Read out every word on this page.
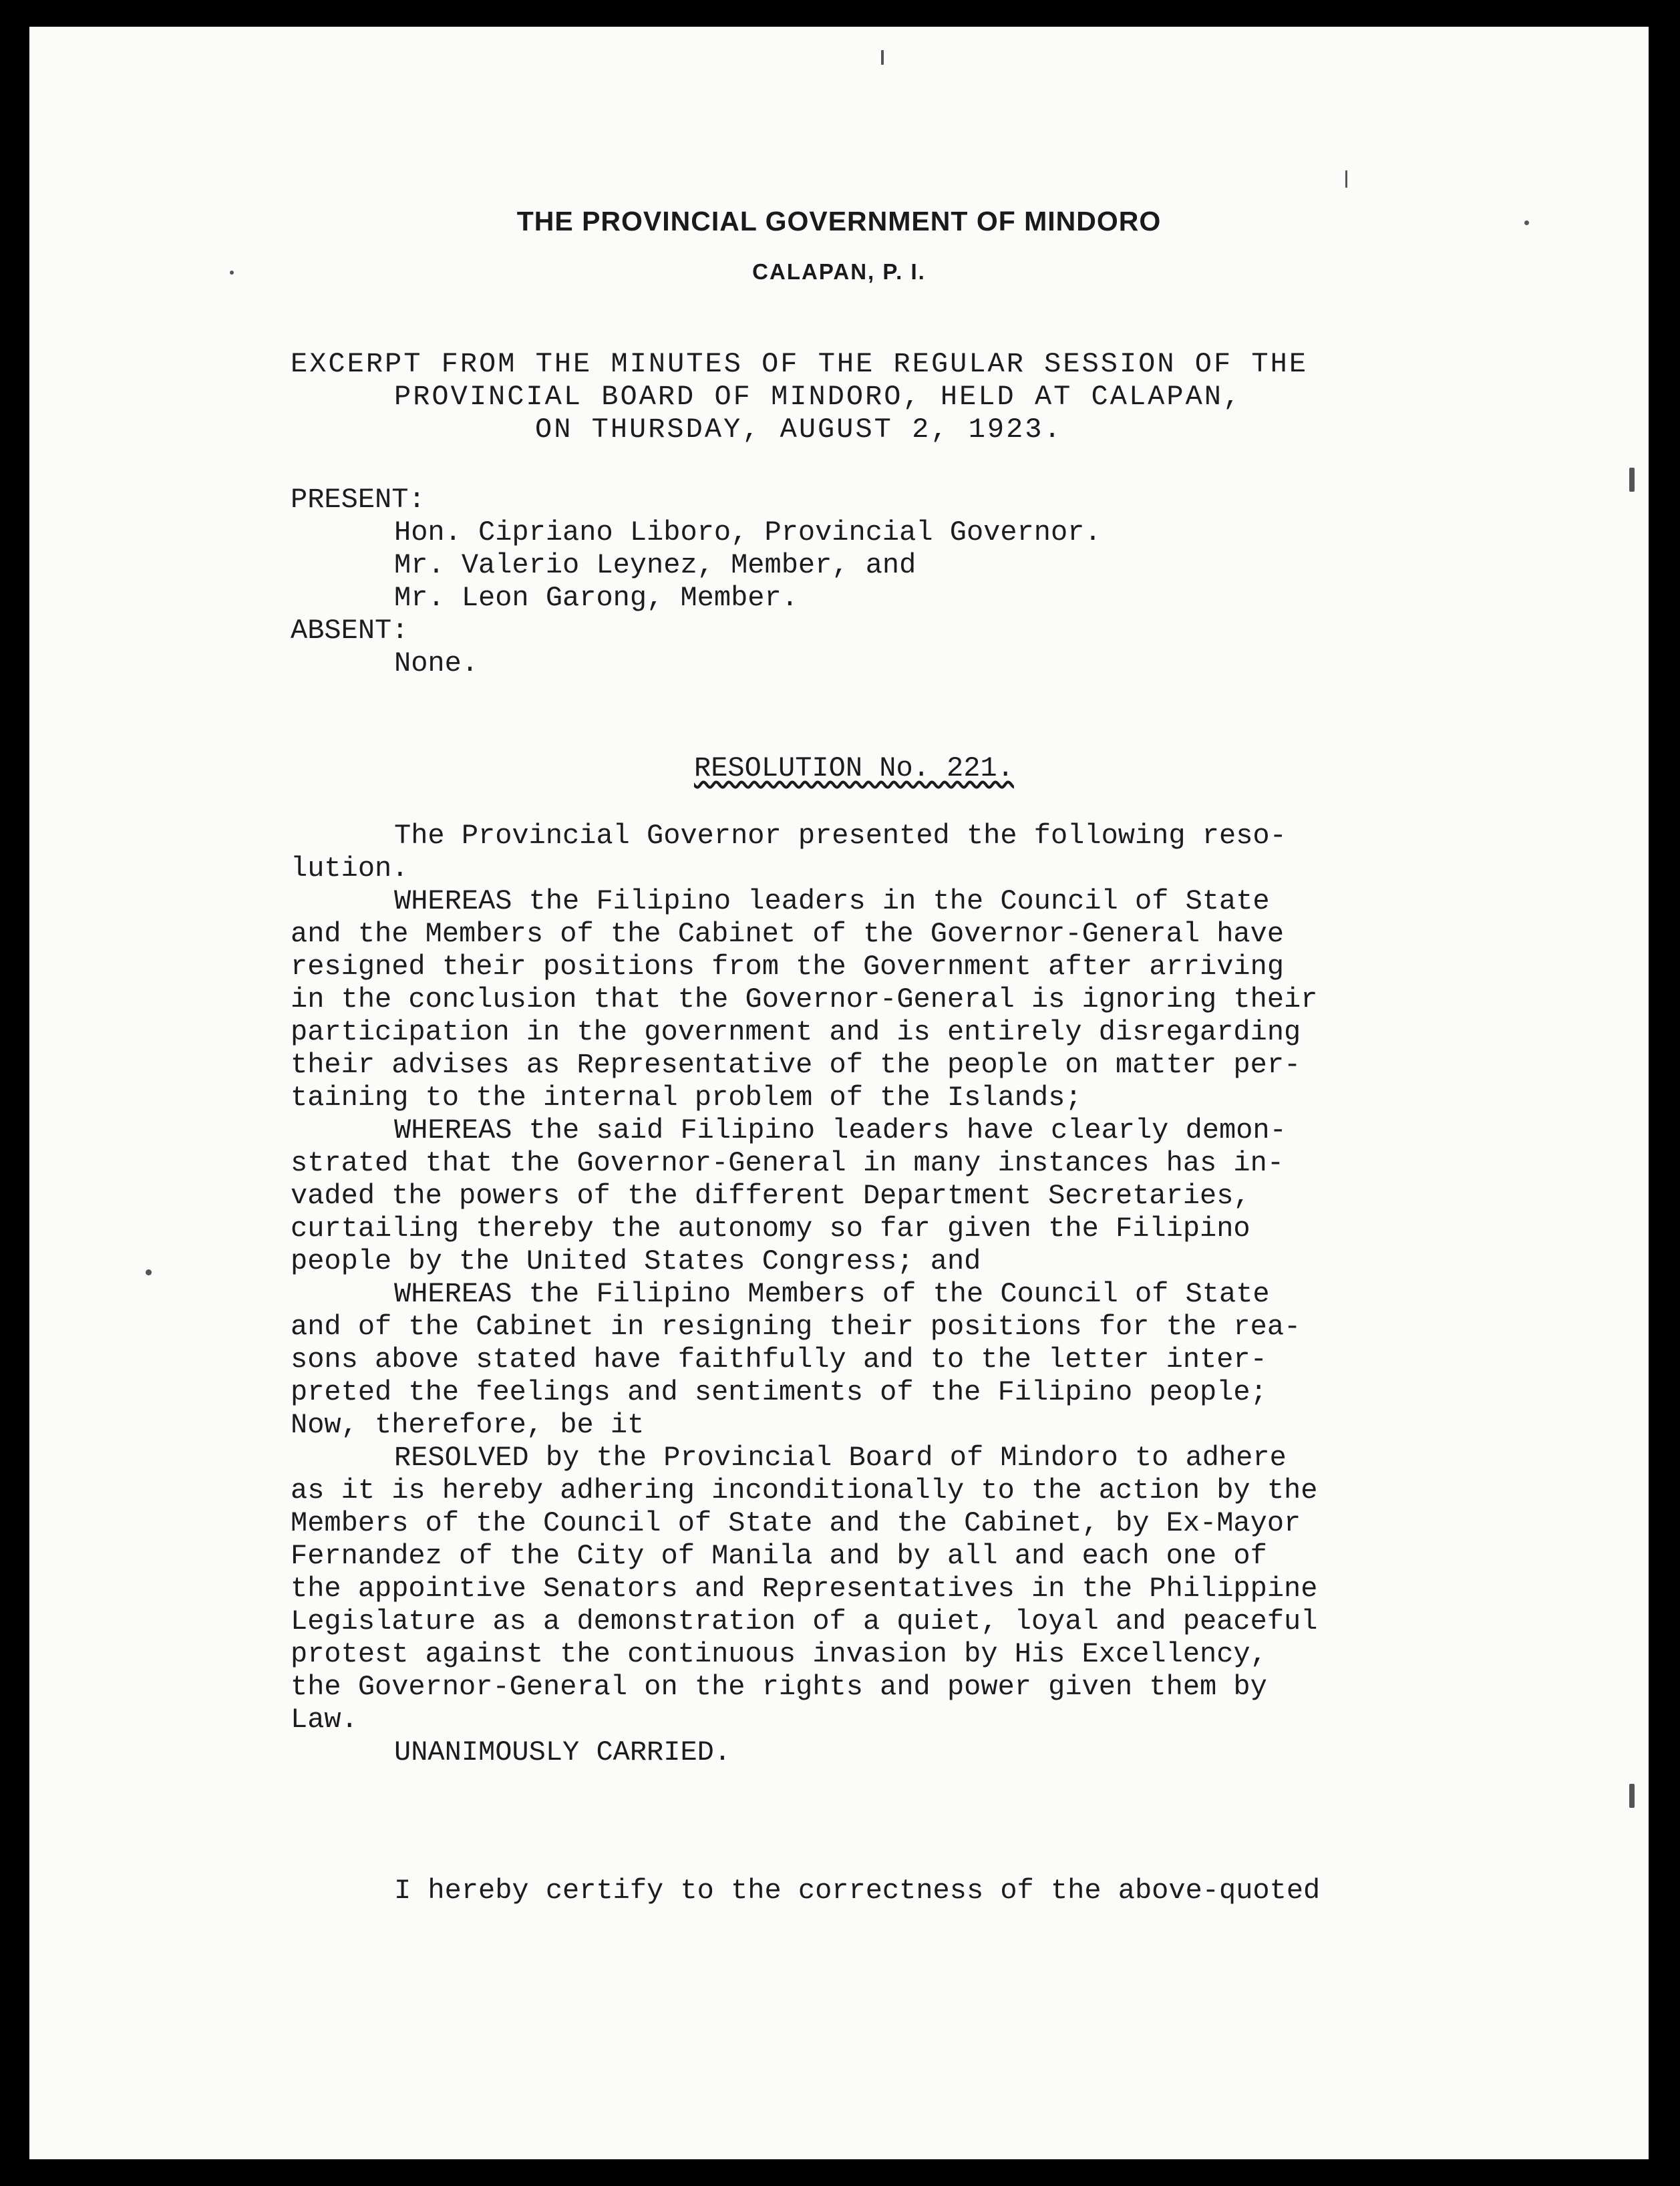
THE PROVINCIAL GOVERNMENT OF MINDORO
CALAPAN, P. I.
EXCERPT FROM THE MINUTES OF THE REGULAR SESSION OF THE
PROVINCIAL BOARD OF MINDORO, HELD AT CALAPAN,
ON THURSDAY, AUGUST 2, 1923.
PRESENT:
Hon. Cipriano Liboro, Provincial Governor.
Mr. Valerio Leynez, Member, and
Mr. Leon Garong, Member.
ABSENT:
None.
RESOLUTION No. 221.
The Provincial Governor presented the following reso-
lution.
WHEREAS the Filipino leaders in the Council of State
and the Members of the Cabinet of the Governor-General have
resigned their positions from the Government after arriving
in the conclusion that the Governor-General is ignoring their
participation in the government and is entirely disregarding
their advises as Representative of the people on matter per-
taining to the internal problem of the Islands;
WHEREAS the said Filipino leaders have clearly demon-
strated that the Governor-General in many instances has in-
vaded the powers of the different Department Secretaries,
curtailing thereby the autonomy so far given the Filipino
people by the United States Congress; and
WHEREAS the Filipino Members of the Council of State
and of the Cabinet in resigning their positions for the rea-
sons above stated have faithfully and to the letter inter-
preted the feelings and sentiments of the Filipino people;
Now, therefore, be it
RESOLVED by the Provincial Board of Mindoro to adhere
as it is hereby adhering inconditionally to the action by the
Members of the Council of State and the Cabinet, by Ex-Mayor
Fernandez of the City of Manila and by all and each one of
the appointive Senators and Representatives in the Philippine
Legislature as a demonstration of a quiet, loyal and peaceful
protest against the continuous invasion by His Excellency,
the Governor-General on the rights and power given them by
Law.
UNANIMOUSLY CARRIED.
I hereby certify to the correctness of the above-quoted
